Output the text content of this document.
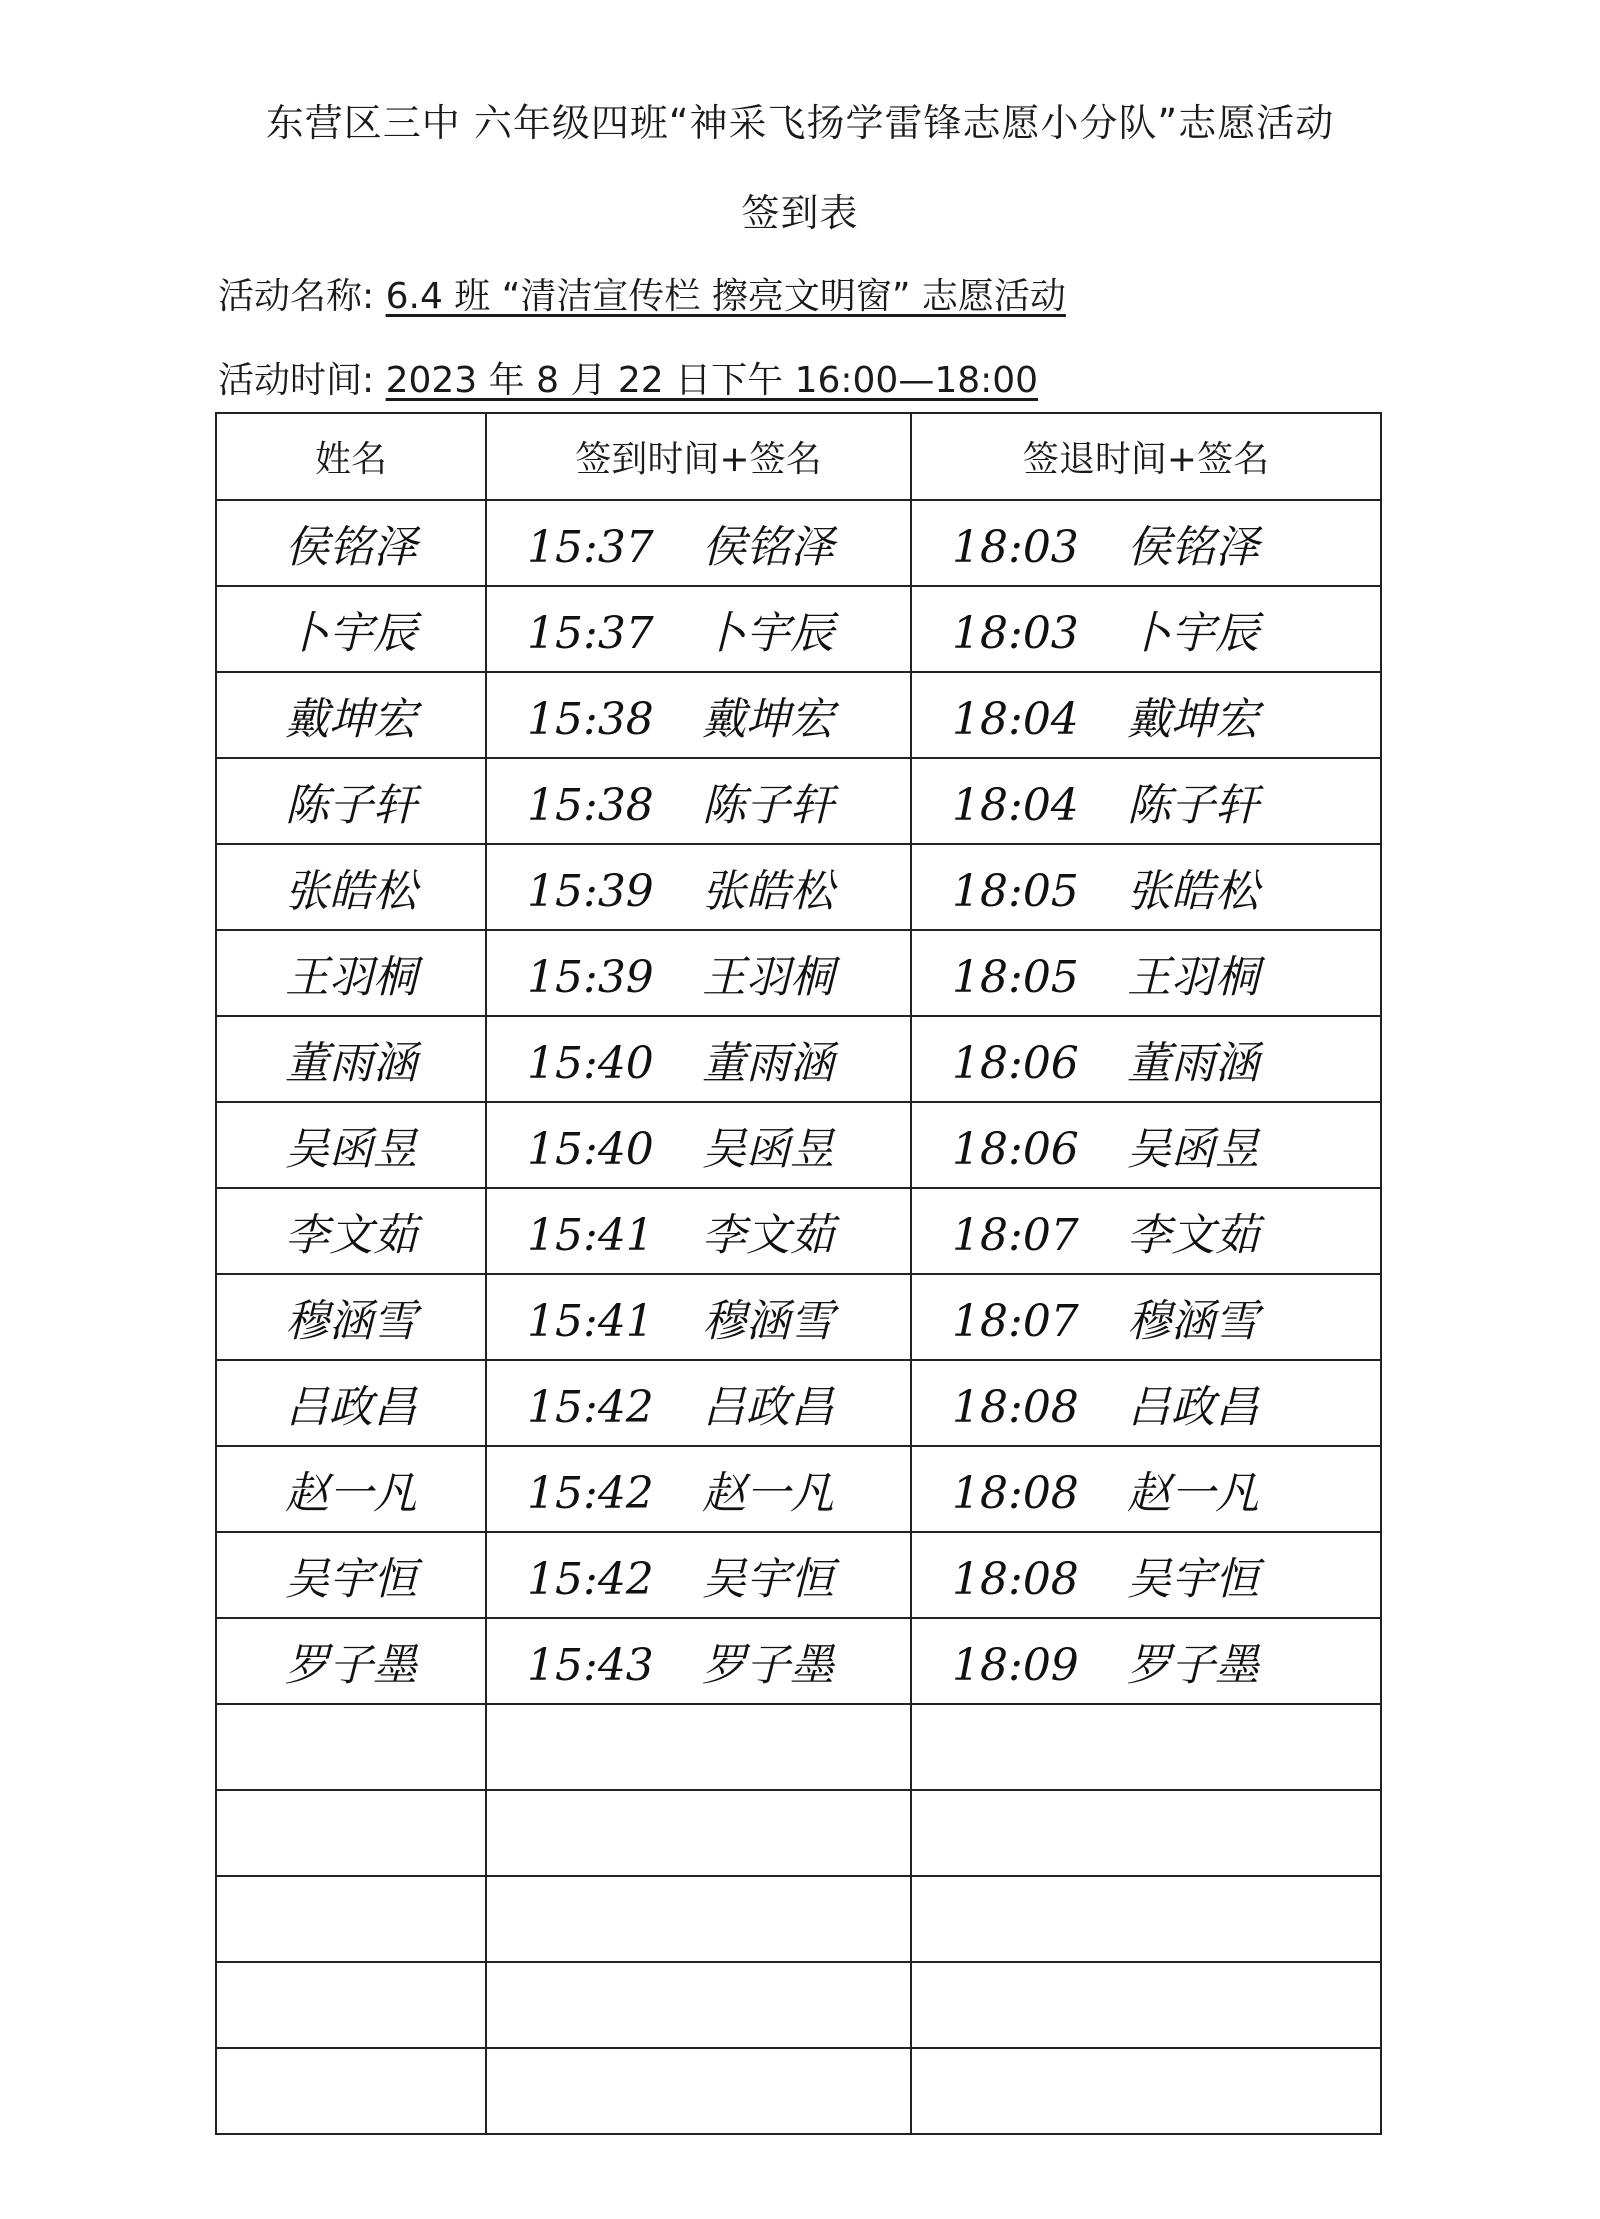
东营区三中 六年级四班“神采飞扬学雷锋志愿小分队”志愿活动
签到表
活动名称: 6.4 班 “清洁宣传栏 擦亮文明窗” 志愿活动
活动时间: 2023 年 8 月 22 日下午 16:00—18:00
姓名	签到时间+签名	签退时间+签名
侯铭泽	15:37 侯铭泽	18:03 侯铭泽
卜宇辰	15:37 卜宇辰	18:03 卜宇辰
戴坤宏	15:38 戴坤宏	18:04 戴坤宏
陈子轩	15:38 陈子轩	18:04 陈子轩
张皓松	15:39 张皓松	18:05 张皓松
王羽桐	15:39 王羽桐	18:05 王羽桐
董雨涵	15:40 董雨涵	18:06 董雨涵
吴函昱	15:40 吴函昱	18:06 吴函昱
李文茹	15:41 李文茹	18:07 李文茹
穆涵雪	15:41 穆涵雪	18:07 穆涵雪
吕政昌	15:42 吕政昌	18:08 吕政昌
赵一凡	15:42 赵一凡	18:08 赵一凡
吴宇恒	15:42 吴宇恒	18:08 吴宇恒
罗子墨	15:43 罗子墨	18:09 罗子墨
